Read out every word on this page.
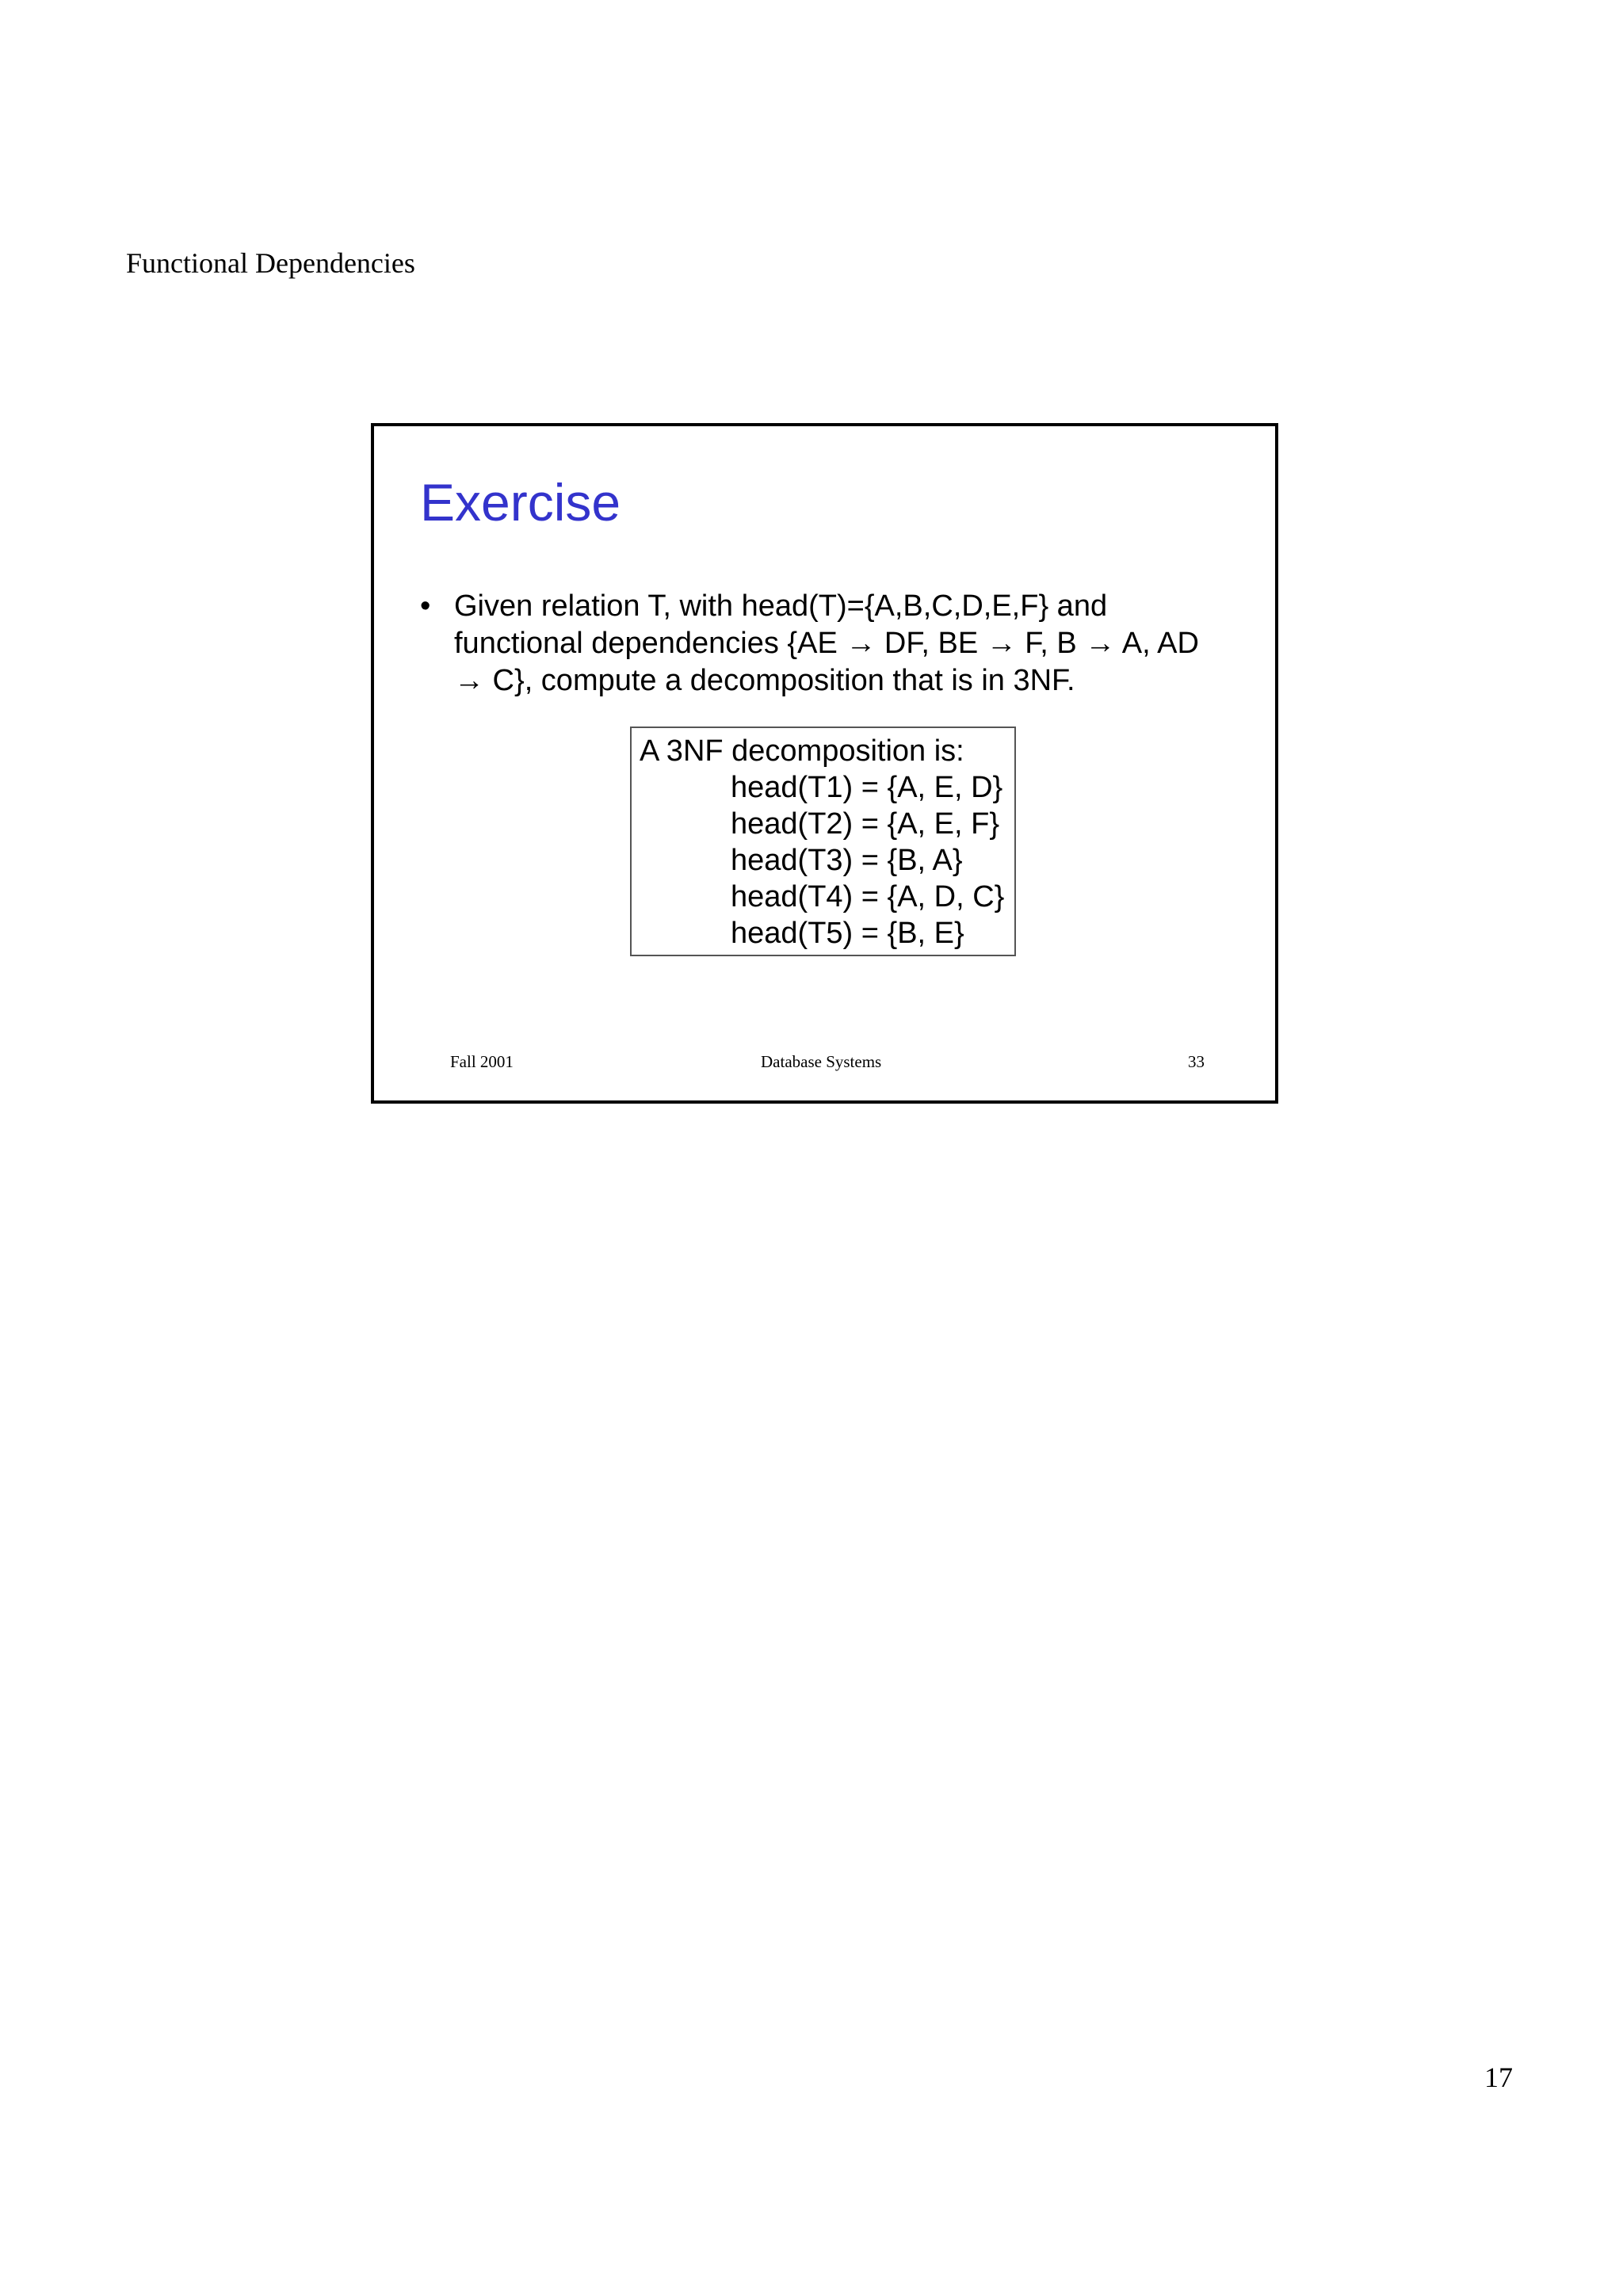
Functional Dependencies
Exercise
• Given relation T, with head(T)={A,B,C,D,E,F} and
functional dependencies {AE → DF, BE → F, B → A, AD
→ C}, compute a decomposition that is in 3NF.
A 3NF decomposition is:
head(T1) = {A, E, D}
head(T2) = {A, E, F}
head(T3) = {B, A}
head(T4) = {A, D, C}
head(T5) = {B, E}
Fall 2001	Database Systems	33
17
